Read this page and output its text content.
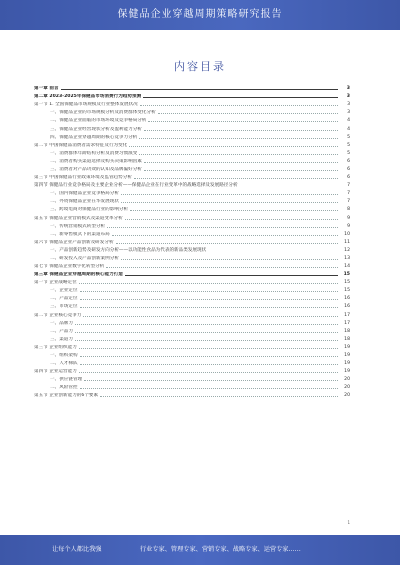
保健品企业穿越周期策略研究报告
内容目录
第一章 前言	3
第二章 2023-2025年保健品市场消费行为趋势预测	3
第一节 1. 全国保健品市场规模及行业整体发展状况	3
一、保健品企业的市场规模分析及消费群体变化分析	3
二、保健品企业面临的市场环境及竞争格局分析	4
三、保健品企业经营现状分析及盈利能力分析	4
四、保健品企业穿越周期的核心竞争力分析	5
第二节 中国保健品消费者需求特征及行为变化	5
一、消费群体年龄结构分析及消费习惯演变	5
二、消费者购买渠道选择及购买决策影响因素	6
三、消费者对产品功效的认知及品牌偏好分析	6
第三节 中国保健品行业政策环境及监管趋势分析	6
第四节 保健品行业竞争格局及主要企业分析——保健品企业在行业变革中的战略选择及发展路径分析	7
一、国内保健品企业竞争格局分析	7
二、外资保健品企业在华发展现状	7
三、跨境电商对保健品行业的影响分析	8
第五节 保健品企业营销模式及渠道变革分析	9
一、传统营销模式转型分析	9
二、新零售模式下的渠道布局	10
第六节 保健品企业产品创新及研发分析	11
一、产品创新趋势及研发方向分析——以功能性食品为代表的新品类发展现状	12
二、研发投入及产品创新案例分析	13
第七节 保健品企业数字化转型分析	14
第三章 保健品企业穿越周期的核心能力打造	15
第一节 企业战略定位	15
一、企业定位	15
二、产品定位	16
三、市场定位	16
第二节 企业核心竞争力	17
一、品牌力	17
二、产品力	18
三、渠道力	18
第三节 企业组织能力	19
一、组织架构	19
二、人才梯队	19
第四节 企业运营能力	19
一、供应链管理	20
二、风险管控	20
第五节 企业创新能力的6个要素	20
1
让每个人都比我强	行业专家、管理专家、营销专家、战略专家、运营专家……
